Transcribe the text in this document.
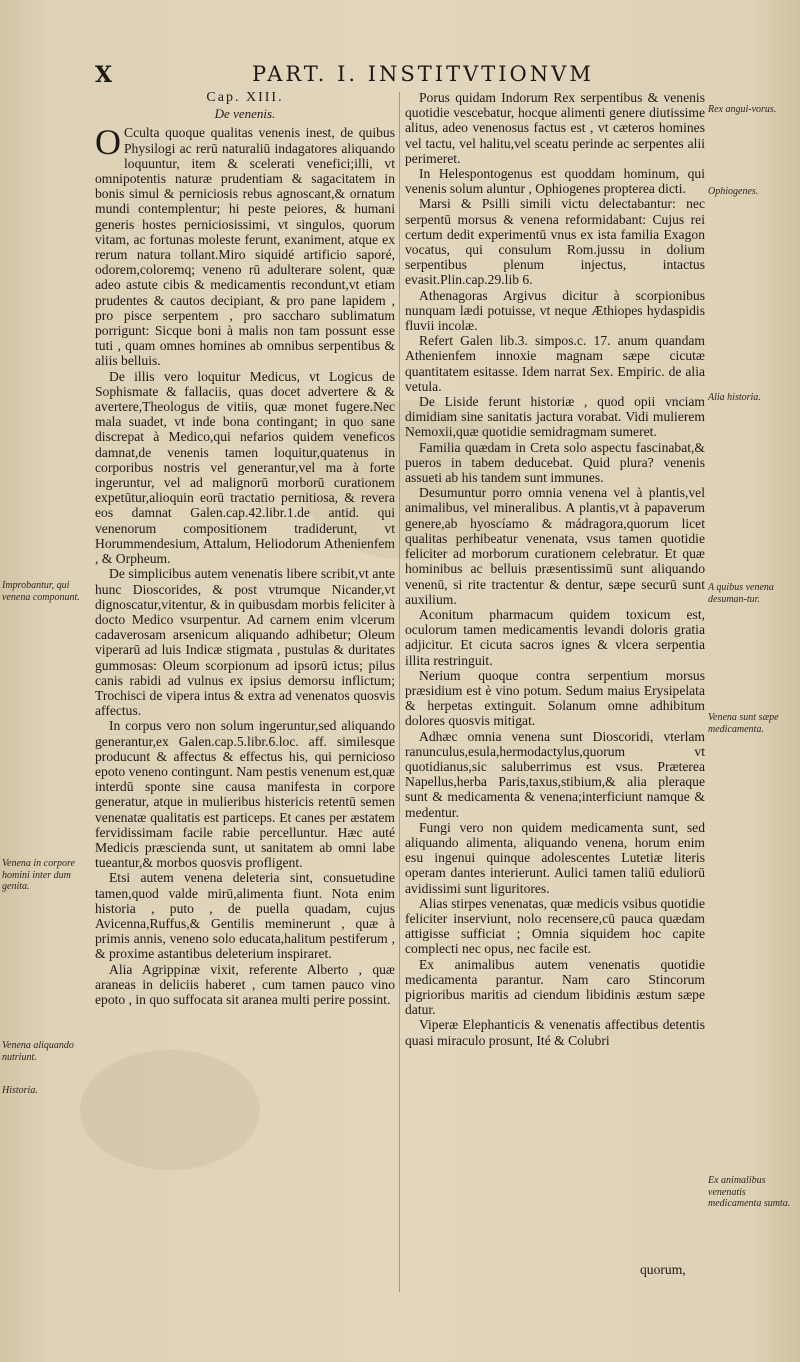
X	PART. I. INSTITVTIONVM
Cap. XIII.
De venenis.

O Cculta quoque qualitas venenis inest, de quibus Physilogi ac rerū naturaliū indagatores aliquando loquuntur, item & scelerati venefici;illi, vt omnipotentis naturæ prudentiam & sagacitatem in bonis simul & perniciosis rebus agnoscant,& ornatum mundi contemplentur; hi peste peiores, & humani generis hostes perniciosissimi, vt singulos, quorum vitam, ac fortunas moleste ferunt, exaniment, atque ex rerum natura tollant.Miro siquidé artificio saporé, odorem,coloremq; veneno rū adulterare solent, quæ adeo astute cibis & medicamentis recondunt,vt etiam prudentes & cautos decipiant, & pro pane lapidem , pro pisce serpentem , pro saccharo sublimatum porrigunt: Sicque boni à malis non tam possunt esse tuti , quam omnes homines ab omnibus serpentibus & aliis belluis.

De illis vero loquitur Medicus, vt Logicus de Sophismate & fallaciis, quas docet advertere & & avertere,Theologus de vitiis, quæ monet fugere.Nec mala suadet, vt inde bona contingant; in quo sane discrepat à Medico,qui nefarios quidem veneficos damnat,de venenis tamen loquitur,quatenus in corporibus nostris vel generantur,vel ma à forte ingeruntur, vel ad malignorū morborū curationem expetūtur,alioquin eorū tractatio pernitiosa, & revera eos damnat Galen.cap.42.libr.1.de antid. qui venenorum compositionem tradiderunt, vt Horummendesium, Attalum, Heliodorum Athenienfem , & Orpheum.

De simplicibus autem venenatis libere scribit,vt ante hunc Dioscorides, & post vtrumque Nicander,vt dignoscatur,vitentur, & in quibusdam morbis feliciter à docto Medico vsurpentur. Ad carnem enim vlcerum cadaverosam arsenicum aliquando adhibetur; Oleum viperarū ad luis Indicæ stigmata , pustulas & duritates gummosas: Oleum scorpionum ad ipsorū ictus; pilus canis rabidi ad vulnus ex ipsius demorsu inflictum; Trochisci de vipera intus & extra ad venenatos quosvis affectus.

In corpus vero non solum ingeruntur,sed aliquando generantur,ex Galen.cap.5.libr.6.loc. aff. similesque producunt & affectus & effectus his, qui pernicioso epoto veneno contingunt. Nam pestis venenum est,quæ interdū sponte sine causa manifesta in corpore generatur, atque in mulieribus histericis retentū semen venenatæ qualitatis est particeps. Et canes per æstatem fervidissimam facile rabie percelluntur. Hæc auté Medicis præscienda sunt, ut sanitatem ab omni labe tueantur,& morbos quosvis profligent.

Etsi autem venena deleteria sint, consuetudine tamen,quod valde mirū,alimenta fiunt. Nota enim historia , puto , de puella quadam, cujus Avicenna,Ruffus,& Gentilis meminerunt , quæ à primis annis, veneno solo educata,halitum pestiferum , & proxime astantibus deleterium inspiraret.

Alia Agrippinæ vixit, referente Alberto , quæ araneas in deliciis haberet , cum tamen pauco vino epoto , in quo suffocata sit aranea multi perire possint.

Porus quidam Indorum Rex serpentibus & venenis quotidie vescebatur, hocque alimenti genere diutissime alitus, adeo venenosus factus est , vt cæteros homines vel tactu, vel halitu,vel sceatu perinde ac serpentes alii perimeret.

In Helespontogenus est quoddam hominum, qui venenis solum aluntur , Ophiogenes propterea dicti.

Marsi & Psilli simili victu delectabantur: nec serpentū morsus & venena reformidabant: Cujus rei certum dedit experimentū vnus ex ista familia Exagon vocatus, qui consulum Rom.jussu in dolium serpentibus plenum injectus, intactus evasit.Plin.cap.29.lib 6.

Athenagoras Argivus dicitur à scorpionibus nunquam lædi potuisse, vt neque Æthiopes hydaspidis fluvii incolæ.

Refert Galen lib.3. simpos.c. 17. anum quandam Athenienfem innoxie magnam sæpe cicutæ quantitatem esitasse. Idem narrat Sex. Empiric. de alia vetula.

De Liside ferunt historiæ , quod opii vnciam dimidiam sine sanitatis jactura vorabat. Vidi mulierem Nemoxii,quæ quotidie semidragmam sumeret.

Familia quædam in Creta solo aspectu fascinabat,& pueros in tabem deducebat. Quid plura? venenis assueti ab his tandem sunt immunes.

Desumuntur porro omnia venena vel à plantis,vel animalibus, vel mineralibus. A plantis,vt à papaverum genere,ab hyoscíamo & mádragora,quorum licet qualitas perhibeatur venenata, vsus tamen quotidie feliciter ad morborum curationem celebratur. Et quæ hominibus ac belluis præsentissimū sunt aliquando venenū, si rite tractentur & dentur, sæpe securū sunt auxilium.

Aconitum pharmacum quidem toxicum est, oculorum tamen medicamentis levandi doloris gratia adjicitur. Et cicuta sacros ignes & vlcera serpentia illita restringuit.

Nerium quoque contra serpentium morsus præsidium est è vino potum. Sedum maius Erysipelata & herpetas extinguit. Solanum omne adhibitum dolores quosvis mitigat.

Adhæc omnia venena sunt Dioscoridi, vterlam ranunculus,esula,hermodactylus,quorum vt quotidianus,sic saluberrimus est vsus. Præterea Napellus,herba Paris,taxus,stibium,& alia pleraque sunt & medicamenta & venena;interficiunt namque & medentur.

Fungi vero non quidem medicamenta sunt, sed aliquando alimenta, aliquando venena, horum enim esu ingenui quinque adolescentes Lutetiæ literis operam dantes interierunt. Aulici tamen taliū eduliorū avidissimi sunt liguritores.

Alias stirpes venenatas, quæ medicis vsibus quotidie feliciter inserviunt, nolo recensere,cū pauca quædam attigisse sufficiat ; Omnia siquidem hoc capite complecti nec opus, nec facile est.

Ex animalibus autem venenatis quotidie medicamenta parantur. Nam caro Stincorum pigrioribus maritis ad ciendum libidinis æstum sæpe datur.

Viperæ Elephanticis & venenatis affectibus detentis quasi miraculo prosunt, Ité & Colubri

quorum,
Improbantur, qui venena componunt.
Venena in corpore homini inter dum genita.
Venena aliquando nutriunt.
Historia.
Rex angui-vorus.
Ophiogenes.
Alia historia.
A quibus venena desuman-tur.
Venena sunt sæpe medicamenta.
Ex animalibus venenatis medicamenta sumta.
